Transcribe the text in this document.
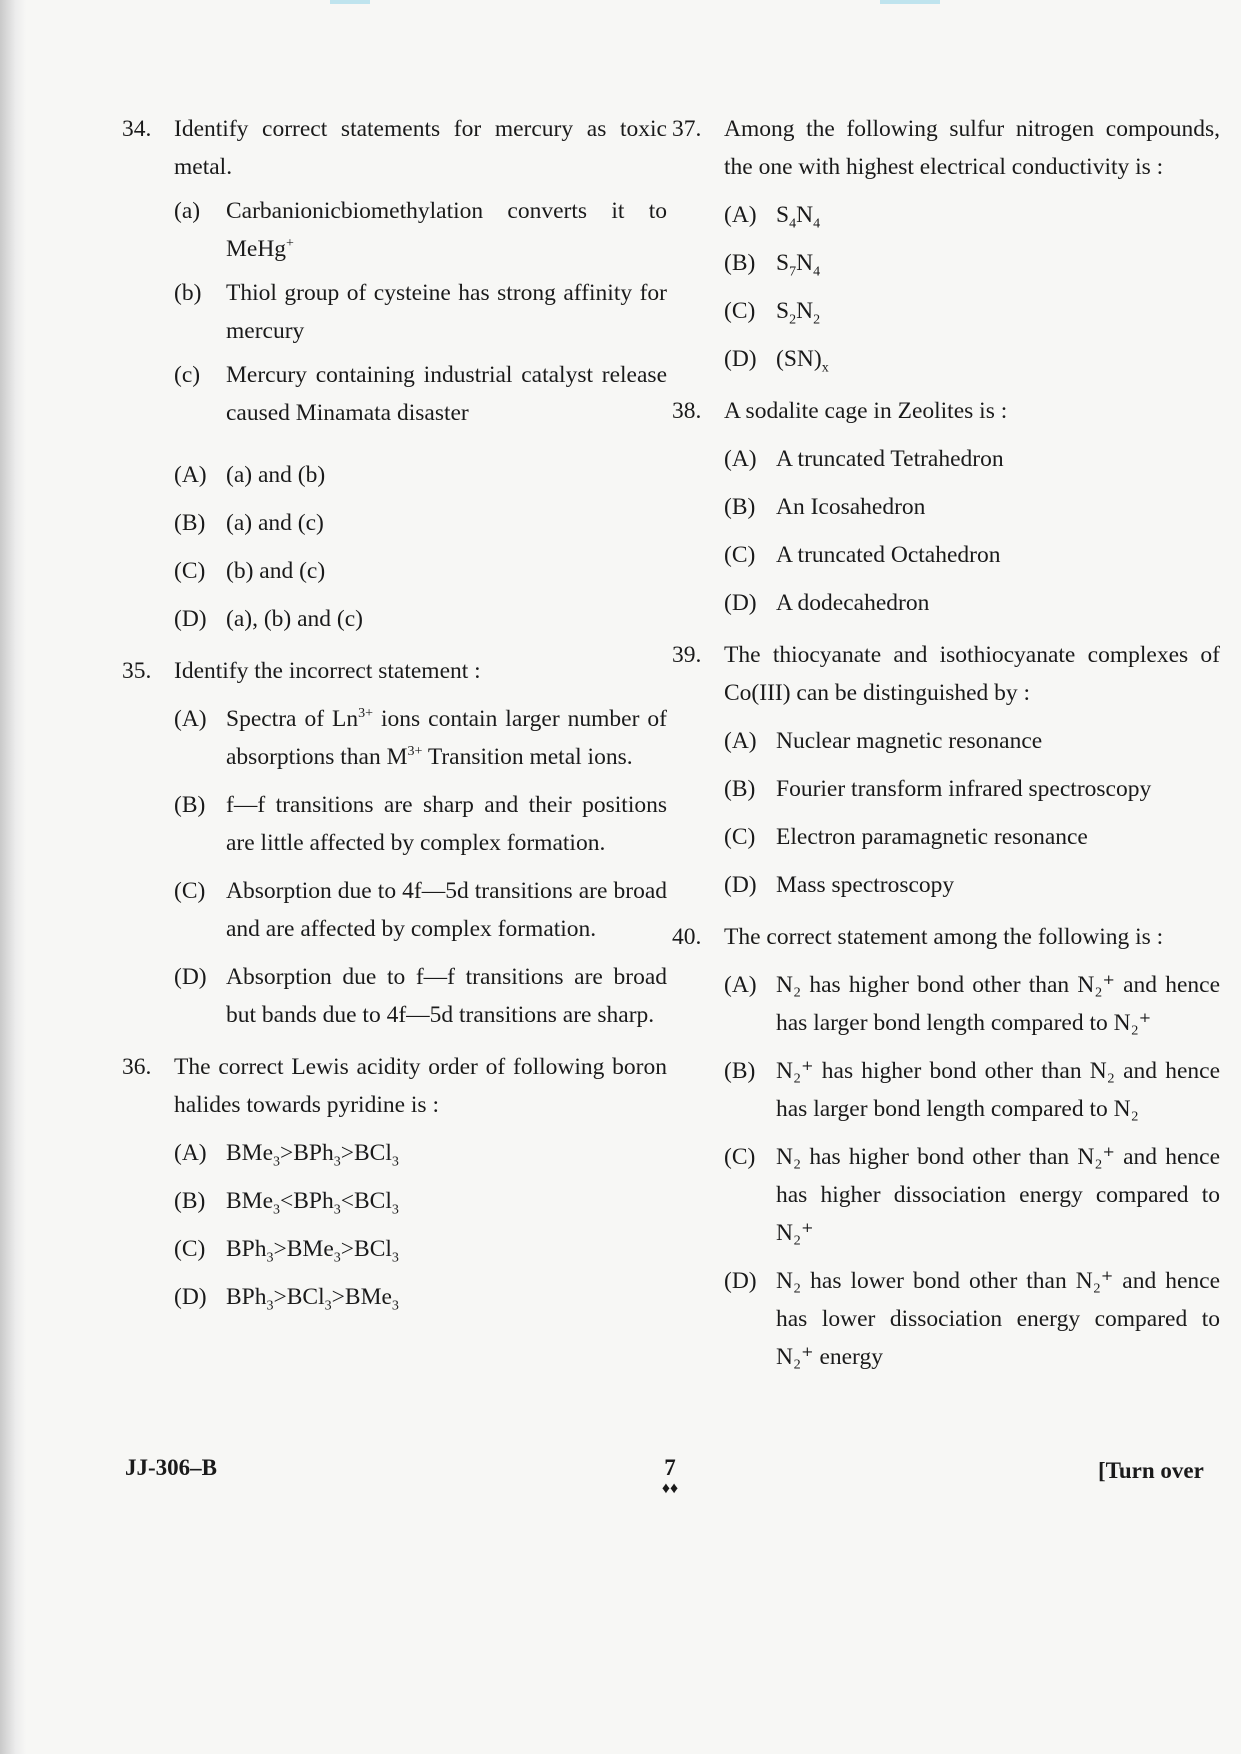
34. Identify correct statements for mercury as toxic metal.
(a) Carbanionicbiomethylation converts it to MeHg+
(b) Thiol group of cysteine has strong affinity for mercury
(c) Mercury containing industrial catalyst release caused Minamata disaster
(A) (a) and (b)
(B) (a) and (c)
(C) (b) and (c)
(D) (a), (b) and (c)
35. Identify the incorrect statement :
(A) Spectra of $Ln^{3+}$ ions contain larger number of absorptions than $M^{3+}$ Transition metal ions.
(B) f—f transitions are sharp and their positions are little affected by complex formation.
(C) Absorption due to 4f—5d transitions are broad and are affected by complex formation.
(D) Absorption due to f—f transitions are broad but bands due to 4f—5d transitions are sharp.
36. The correct Lewis acidity order of following boron halides towards pyridine is :
(A) BMe$_3$>BPh$_3$>BCl$_3$
(B) BMe$_3$<BPh$_3$<BCl$_3$
(C) BPh$_3$>BMe$_3$>BCl$_3$
(D) BPh$_3$>BCl$_3$>BMe$_3$
37. Among the following sulfur nitrogen compounds, the one with highest electrical conductivity is :
(A) $S_4N_4$
(B) $S_7N_4$
(C) $S_2N_2$
(D) $(SN)_x$
38. A sodalite cage in Zeolites is :
(A) A truncated Tetrahedron
(B) An Icosahedron
(C) A truncated Octahedron
(D) A dodecahedron
39. The thiocyanate and isothiocyanate complexes of Co(III) can be distinguished by :
(A) Nuclear magnetic resonance
(B) Fourier transform infrared spectroscopy
(C) Electron paramagnetic resonance
(D) Mass spectroscopy
40. The correct statement among the following is :
(A) N₂ has higher bond other than N₂⁺ and hence has larger bond length compared to N₂⁺
(B) N₂⁺ has higher bond other than N₂ and hence has larger bond length compared to N₂
(C) N₂ has higher bond other than N₂⁺ and hence has higher dissociation energy compared to N₂⁺
(D) N₂ has lower bond other than N₂⁺ and hence has lower dissociation energy compared to N₂⁺ energy
JJ-306–B	7
♦♦
[Turn over
